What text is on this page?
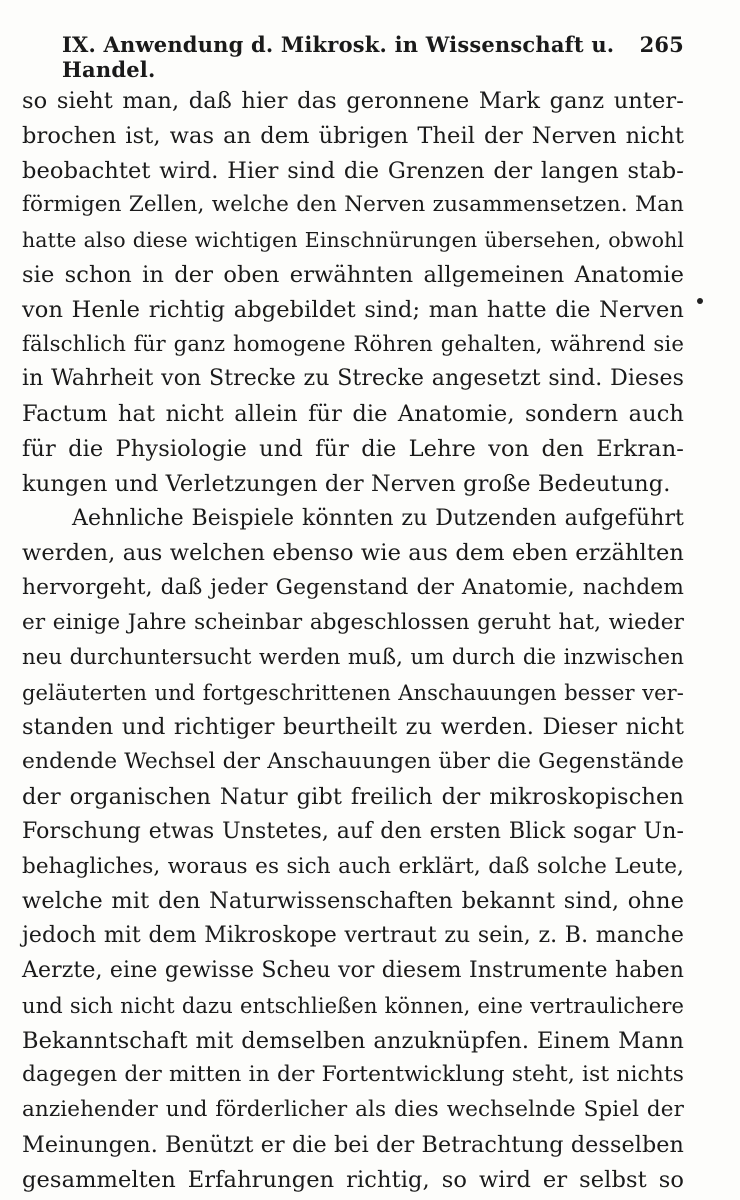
IX. Anwendung d. Mikrosk. in Wissenschaft u. Handel.
265
so sieht man, daß hier das geronnene Mark ganz unter-
brochen ist, was an dem übrigen Theil der Nerven nicht
beobachtet wird. Hier sind die Grenzen der langen stab-
förmigen Zellen, welche den Nerven zusammensetzen. Man
hatte also diese wichtigen Einschnürungen übersehen, obwohl
sie schon in der oben erwähnten allgemeinen Anatomie
von Henle richtig abgebildet sind; man hatte die Nerven
fälschlich für ganz homogene Röhren gehalten, während sie
in Wahrheit von Strecke zu Strecke angesetzt sind. Dieses
Factum hat nicht allein für die Anatomie, sondern auch
für die Physiologie und für die Lehre von den Erkran-
kungen und Verletzungen der Nerven große Bedeutung.
Aehnliche Beispiele könnten zu Dutzenden aufgeführt
werden, aus welchen ebenso wie aus dem eben erzählten
hervorgeht, daß jeder Gegenstand der Anatomie, nachdem
er einige Jahre scheinbar abgeschlossen geruht hat, wieder
neu durchuntersucht werden muß, um durch die inzwischen
geläuterten und fortgeschrittenen Anschauungen besser ver-
standen und richtiger beurtheilt zu werden. Dieser nicht
endende Wechsel der Anschauungen über die Gegenstände
der organischen Natur gibt freilich der mikroskopischen
Forschung etwas Unstetes, auf den ersten Blick sogar Un-
behagliches, woraus es sich auch erklärt, daß solche Leute,
welche mit den Naturwissenschaften bekannt sind, ohne
jedoch mit dem Mikroskope vertraut zu sein, z. B. manche
Aerzte, eine gewisse Scheu vor diesem Instrumente haben
und sich nicht dazu entschließen können, eine vertraulichere
Bekanntschaft mit demselben anzuknüpfen. Einem Mann
dagegen der mitten in der Fortentwicklung steht, ist nichts
anziehender und förderlicher als dies wechselnde Spiel der
Meinungen. Benützt er die bei der Betrachtung desselben
gesammelten Erfahrungen richtig, so wird er selbst so
